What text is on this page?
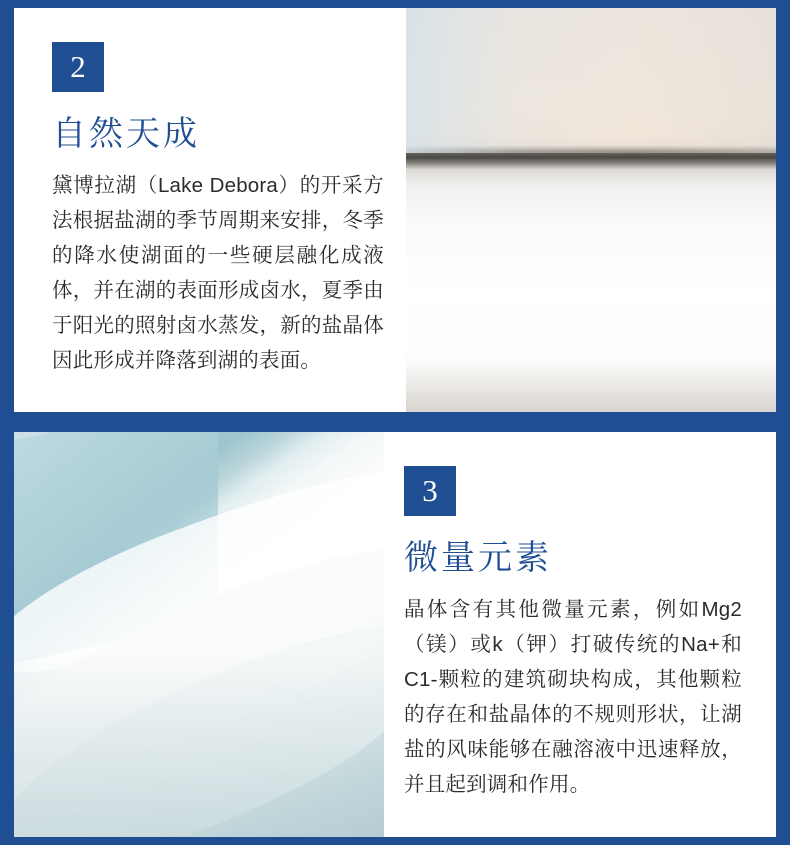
2
自然天成
黛博拉湖（Lake Debora）的开采方法根据盐湖的季节周期来安排，冬季的降水使湖面的一些硬层融化成液体，并在湖的表面形成卤水，夏季由于阳光的照射卤水蒸发，新的盐晶体因此形成并降落到湖的表面。
3
微量元素
晶体含有其他微量元素，例如Mg2（镁）或k（钾）打破传统的Na+和C1-颗粒的建筑砌块构成，其他颗粒的存在和盐晶体的不规则形状，让湖盐的风味能够在融溶液中迅速释放，并且起到调和作用。
